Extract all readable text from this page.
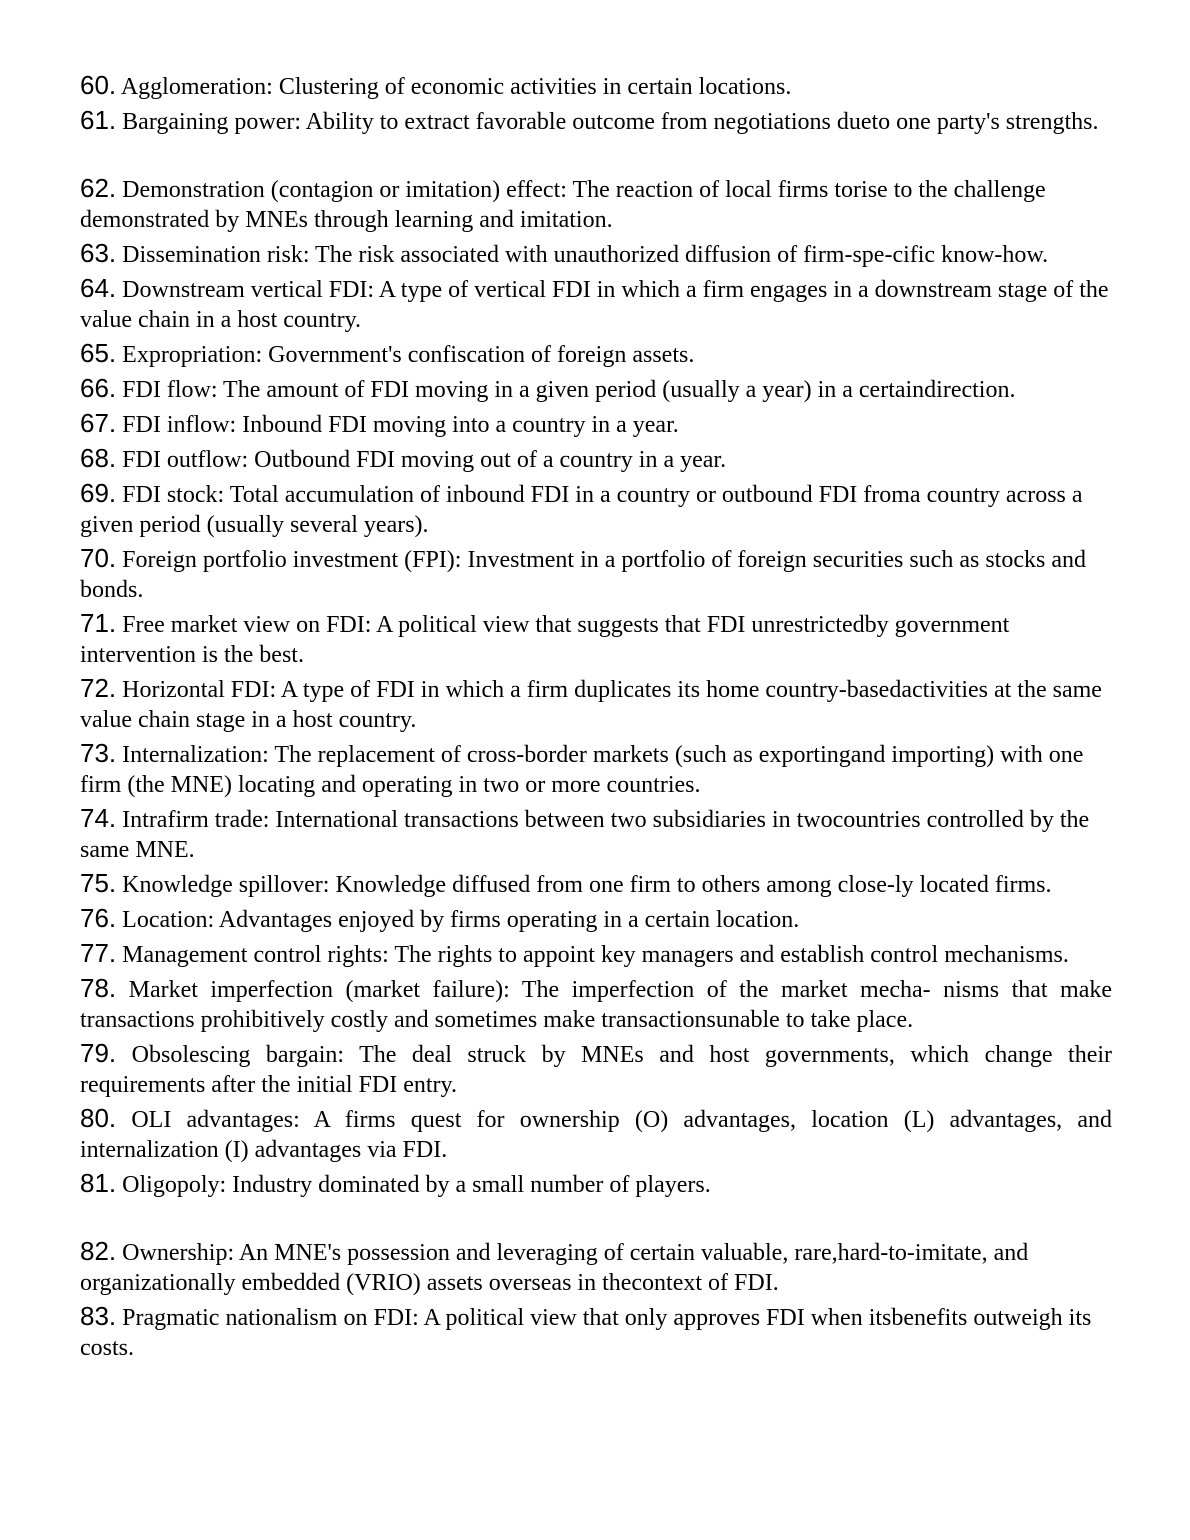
60. Agglomeration: Clustering of economic activities in certain locations.

61. Bargaining power: Ability to extract favorable outcome from negotiations dueto one party's strengths.

62. Demonstration (contagion or imitation) effect: The reaction of local firms torise to the challenge demonstrated by MNEs through learning and imitation.

63. Dissemination risk: The risk associated with unauthorized diffusion of firm-spe-cific know-how.

64. Downstream vertical FDI: A type of vertical FDI in which a firm engages in a downstream stage of the value chain in a host country.

65. Expropriation: Government's confiscation of foreign assets.

66. FDI flow: The amount of FDI moving in a given period (usually a year) in a certaindirection.

67. FDI inflow: Inbound FDI moving into a country in a year.

68. FDI outflow: Outbound FDI moving out of a country in a year.

69. FDI stock: Total accumulation of inbound FDI in a country or outbound FDI froma country across a given period (usually several years).

70. Foreign portfolio investment (FPI): Investment in a portfolio of foreign securities such as stocks and bonds.

71. Free market view on FDI: A political view that suggests that FDI unrestrictedby government intervention is the best.

72. Horizontal FDI: A type of FDI in which a firm duplicates its home country-basedactivities at the same value chain stage in a host country.

73. Internalization: The replacement of cross-border markets (such as exportingand importing) with one firm (the MNE) locating and operating in two or more countries.

74. Intrafirm trade: International transactions between two subsidiaries in twocountries controlled by the same MNE.

75. Knowledge spillover: Knowledge diffused from one firm to others among close-ly located firms.

76. Location: Advantages enjoyed by firms operating in a certain location.

77. Management control rights: The rights to appoint key managers and establish control mechanisms.

78. Market imperfection (market failure): The imperfection of the market mecha- nisms that make transactions prohibitively costly and sometimes make transactionsunable to take place.

79. Obsolescing bargain: The deal struck by MNEs and host governments, which change their requirements after the initial FDI entry.

80. OLI advantages: A firms quest for ownership (O) advantages, location (L) advantages, and internalization (I) advantages via FDI.

81. Oligopoly: Industry dominated by a small number of players.

82. Ownership: An MNE's possession and leveraging of certain valuable, rare,hard-to-imitate, and organizationally embedded (VRIO) assets overseas in thecontext of FDI.

83. Pragmatic nationalism on FDI: A political view that only approves FDI when itsbenefits outweigh its costs.
